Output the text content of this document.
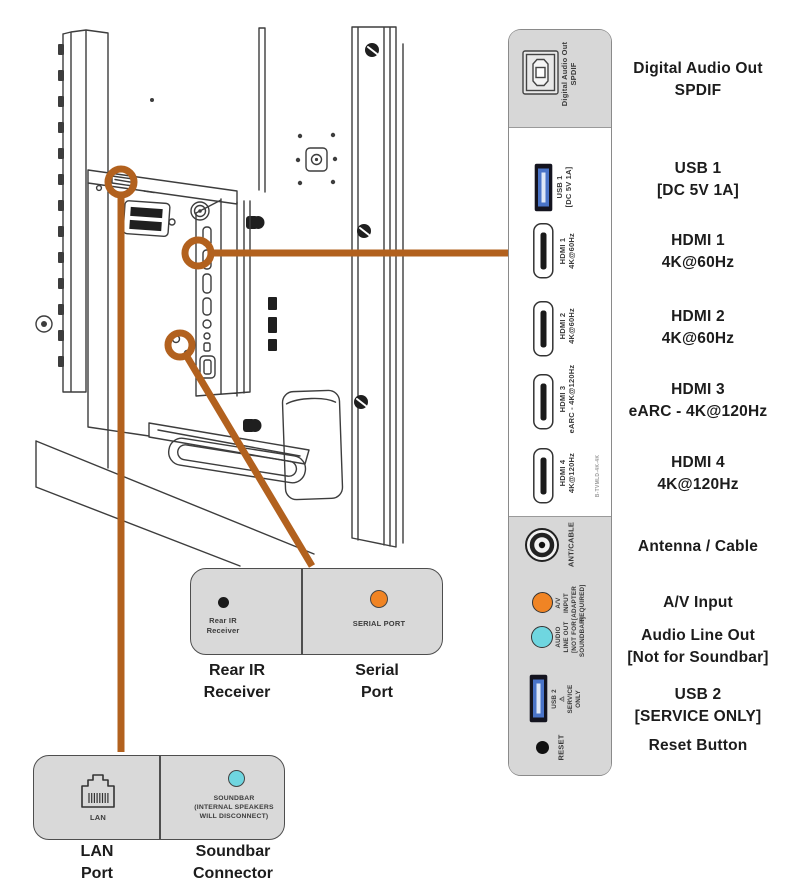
Digital Audio Out SPDIF
USB 1 [DC 5V 1A]
HDMI 1 4K@60Hz
HDMI 2 4K@60Hz
HDMI 3 eARC - 4K@120Hz
HDMI 4 4K@120Hz	B-TVMLD-4K-4K
ANT/CABLE
A/V INPUT [ADAPTER REQUIRED]
AUDIO LINE OUT [NOT FOR SOUNDBAR]
USB 2 ⚠ SERVICE ONLY
RESET
Digital Audio Out
SPDIF
USB 1
[DC 5V 1A]
HDMI 1
4K@60Hz
HDMI 2
4K@60Hz
HDMI 3
eARC - 4K@120Hz
HDMI 4
4K@120Hz
Antenna / Cable
A/V Input
Audio Line Out
[Not for Soundbar]
USB 2
[SERVICE ONLY]
Reset Button
Rear IR
Receiver
SERIAL PORT
Rear IR
Receiver
Serial
Port
LAN
SOUNDBAR
(INTERNAL SPEAKERS
WILL DISCONNECT)
LAN
Port
Soundbar
Connector
